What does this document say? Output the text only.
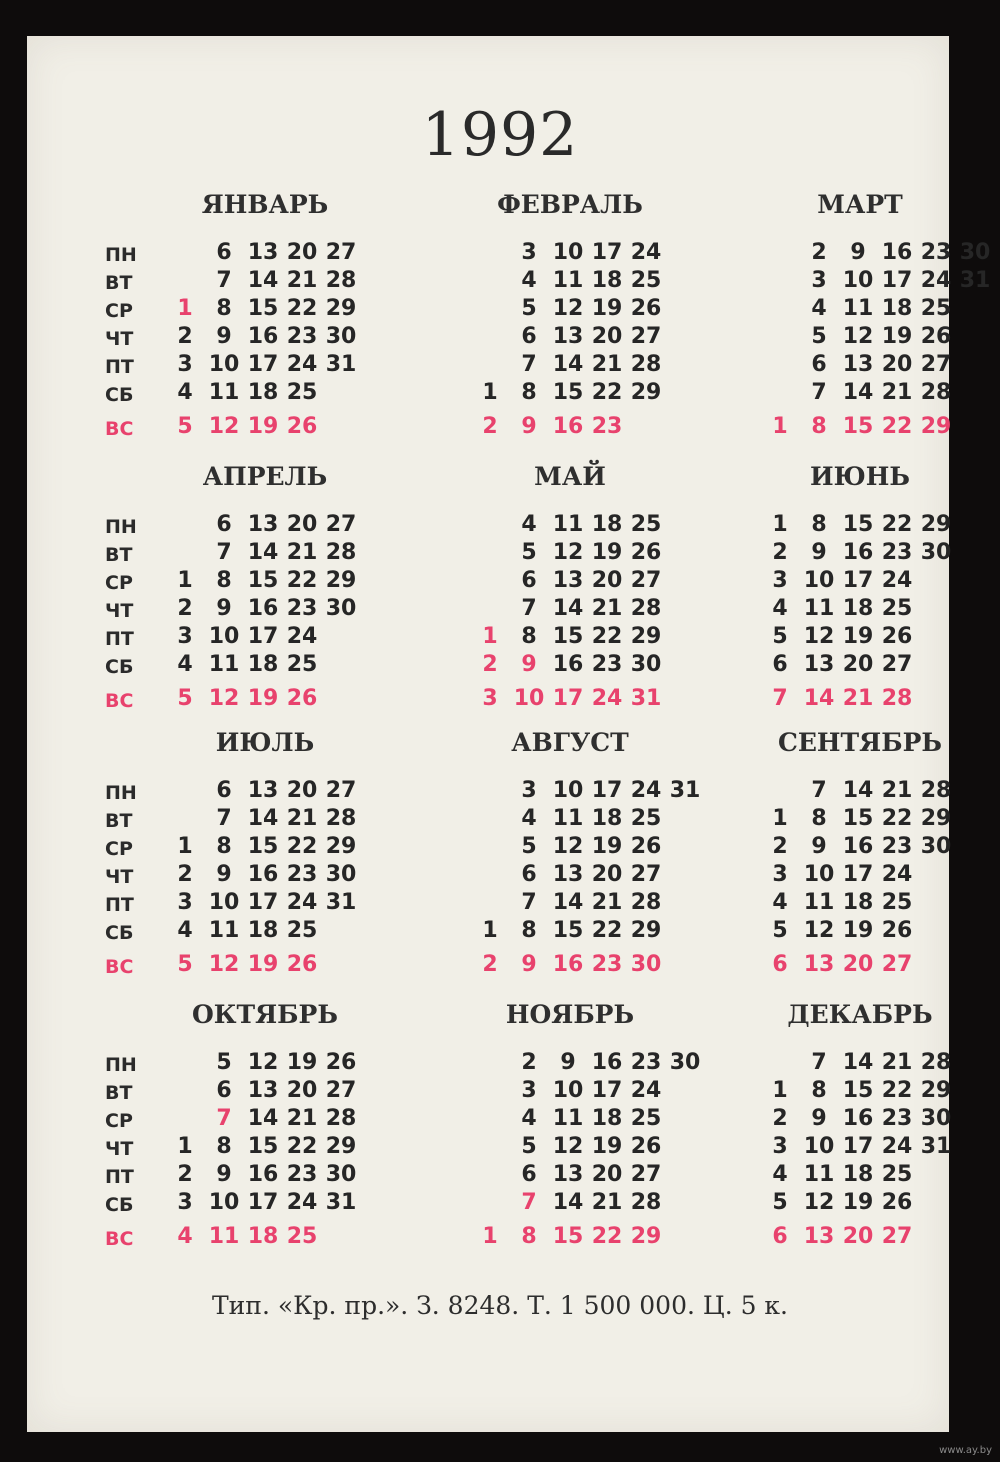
1992
ЯНВАРЬ
ПН
ВТ
СР
ЧТ
ПТ
СБ
ВС
1
2
3
4
5
6
7
8
9
10
11
12
13
14
15
16
17
18
19
20
21
22
23
24
25
26
27
28
29
30
31
ФЕВРАЛЬ
1
2
3
4
5
6
7
8
9
10
11
12
13
14
15
16
17
18
19
20
21
22
23
24
25
26
27
28
29
МАРТ
1
2
3
4
5
6
7
8
9
10
11
12
13
14
15
16
17
18
19
20
21
22
23
24
25
26
27
28
29
30
31
АПРЕЛЬ
ПН
ВТ
СР
ЧТ
ПТ
СБ
ВС
1
2
3
4
5
6
7
8
9
10
11
12
13
14
15
16
17
18
19
20
21
22
23
24
25
26
27
28
29
30
МАЙ
1
2
3
4
5
6
7
8
9
10
11
12
13
14
15
16
17
18
19
20
21
22
23
24
25
26
27
28
29
30
31
ИЮНЬ
1
2
3
4
5
6
7
8
9
10
11
12
13
14
15
16
17
18
19
20
21
22
23
24
25
26
27
28
29
30
ИЮЛЬ
ПН
ВТ
СР
ЧТ
ПТ
СБ
ВС
1
2
3
4
5
6
7
8
9
10
11
12
13
14
15
16
17
18
19
20
21
22
23
24
25
26
27
28
29
30
31
АВГУСТ
1
2
3
4
5
6
7
8
9
10
11
12
13
14
15
16
17
18
19
20
21
22
23
24
25
26
27
28
29
30
31
СЕНТЯБРЬ
1
2
3
4
5
6
7
8
9
10
11
12
13
14
15
16
17
18
19
20
21
22
23
24
25
26
27
28
29
30
ОКТЯБРЬ
ПН
ВТ
СР
ЧТ
ПТ
СБ
ВС
1
2
3
4
5
6
7
8
9
10
11
12
13
14
15
16
17
18
19
20
21
22
23
24
25
26
27
28
29
30
31
НОЯБРЬ
1
2
3
4
5
6
7
8
9
10
11
12
13
14
15
16
17
18
19
20
21
22
23
24
25
26
27
28
29
30
ДЕКАБРЬ
1
2
3
4
5
6
7
8
9
10
11
12
13
14
15
16
17
18
19
20
21
22
23
24
25
26
27
28
29
30
31
Тип. «Кр. пр.». З. 8248. Т. 1 500 000. Ц. 5 к.
www.ay.by
